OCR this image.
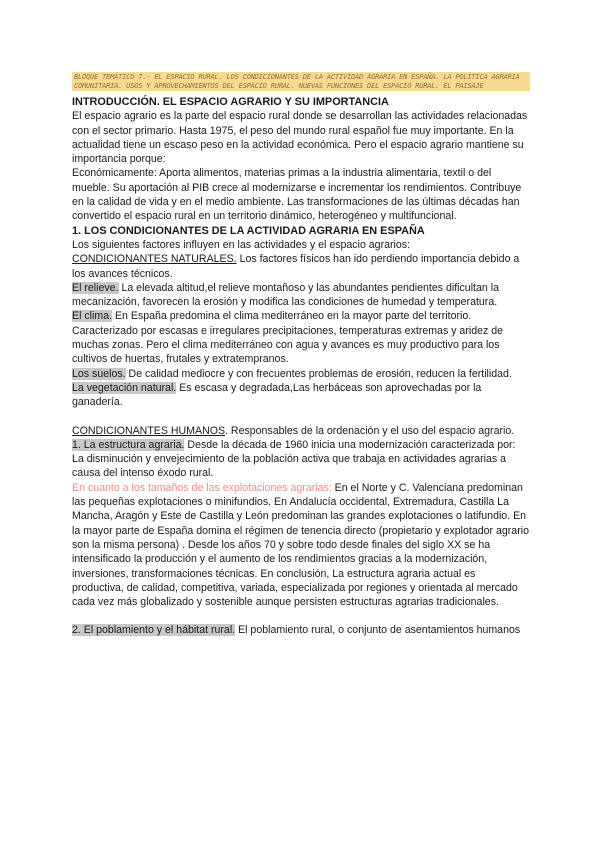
BLOQUE TEMÁTICO 7.- EL ESPACIO RURAL. LOS CONDICIONANTES DE LA ACTIVIDAD AGRARIA EN ESPAÑA. LA POLÍTICA AGRARIA COMUNITARIA. USOS Y APROVECHAMIENTOS DEL ESPACIO RURAL. NUEVAS FUNCIONES DEL ESPACIO RURAL. EL PAISAJE

INTRODUCCIÓN. EL ESPACIO AGRARIO Y SU IMPORTANCIA

El espacio agrario es la parte del espacio rural donde se desarrollan las actividades relacionadas con el sector primario. Hasta 1975, el peso del mundo rural español fue muy importante. En la actualidad tiene un escaso peso en la actividad económica. Pero el espacio agrario mantiene su importancia porque:

Económicamente: Aporta alimentos, materias primas a la industria alimentaria, textil o del mueble. Su aportación al PIB crece al modernizarse e incrementar los rendimientos. Contribuye en la calidad de vida y en el medio ambiente. Las transformaciones de las últimas décadas han convertido el espacio rural en un territorio dinámico, heterogéneo y multifuncional.

1. LOS CONDICIONANTES DE LA ACTIVIDAD AGRARIA EN ESPAÑA

Los siguientes factores influyen en las actividades y el espacio agrarios:

CONDICIONANTES NATURALES. Los factores físicos han ido perdiendo importancia debido a los avances técnicos.

El relieve. La elevada altitud,el relieve montañoso y las abundantes pendientes dificultan la mecanización, favorecen la erosión y modifica las condiciones de humedad y temperatura.

El clima. En España predomina el clima mediterráneo en la mayor parte del territorio. Caracterizado por escasas e irregulares precipitaciones, temperaturas extremas y aridez de muchas zonas. Pero el clima mediterráneo con agua y avances es muy productivo para los cultivos de huertas, frutales y extratempranos.

Los suelos. De calidad mediocre y con frecuentes problemas de erosión, reducen la fertilidad.

La vegetación natural. Es escasa y degradada,Las herbáceas son aprovechadas por la ganadería.

CONDICIONANTES HUMANOS. Responsables de la ordenación y el uso del espacio agrario.

1. La estructura agraria. Desde la década de 1960 inicia una modernización caracterizada por:

La disminución y envejecimiento de la población activa que trabaja en actividades agrarias a causa del intenso éxodo rural.

En cuanto a los tamaños de las explotaciones agrarias: En el Norte y C. Valenciana predominan las pequeñas explotaciones o minifundios. En Andalucía occidental, Extremadura, Castilla La Mancha, Aragón y Este de Castilla y León predominan las grandes explotaciones o latifundio. En la mayor parte de España domina el régimen de tenencia directo (propietario y explotador agrario son la misma persona) . Desde los años 70 y sobre todo desde finales del siglo XX se ha intensificado la producción y el aumento de los rendimientos gracias a la modernización, inversiones, transformaciones técnicas. En conclusión, La estructura agraria actual es productiva, de calidad, competitiva, variada, especializada por regiones y orientada al mercado cada vez más globalizado y sostenible aunque persisten estructuras agrarias tradicionales.

2. El poblamiento y el hábitat rural. El poblamiento rural, o conjunto de asentamientos humanos
